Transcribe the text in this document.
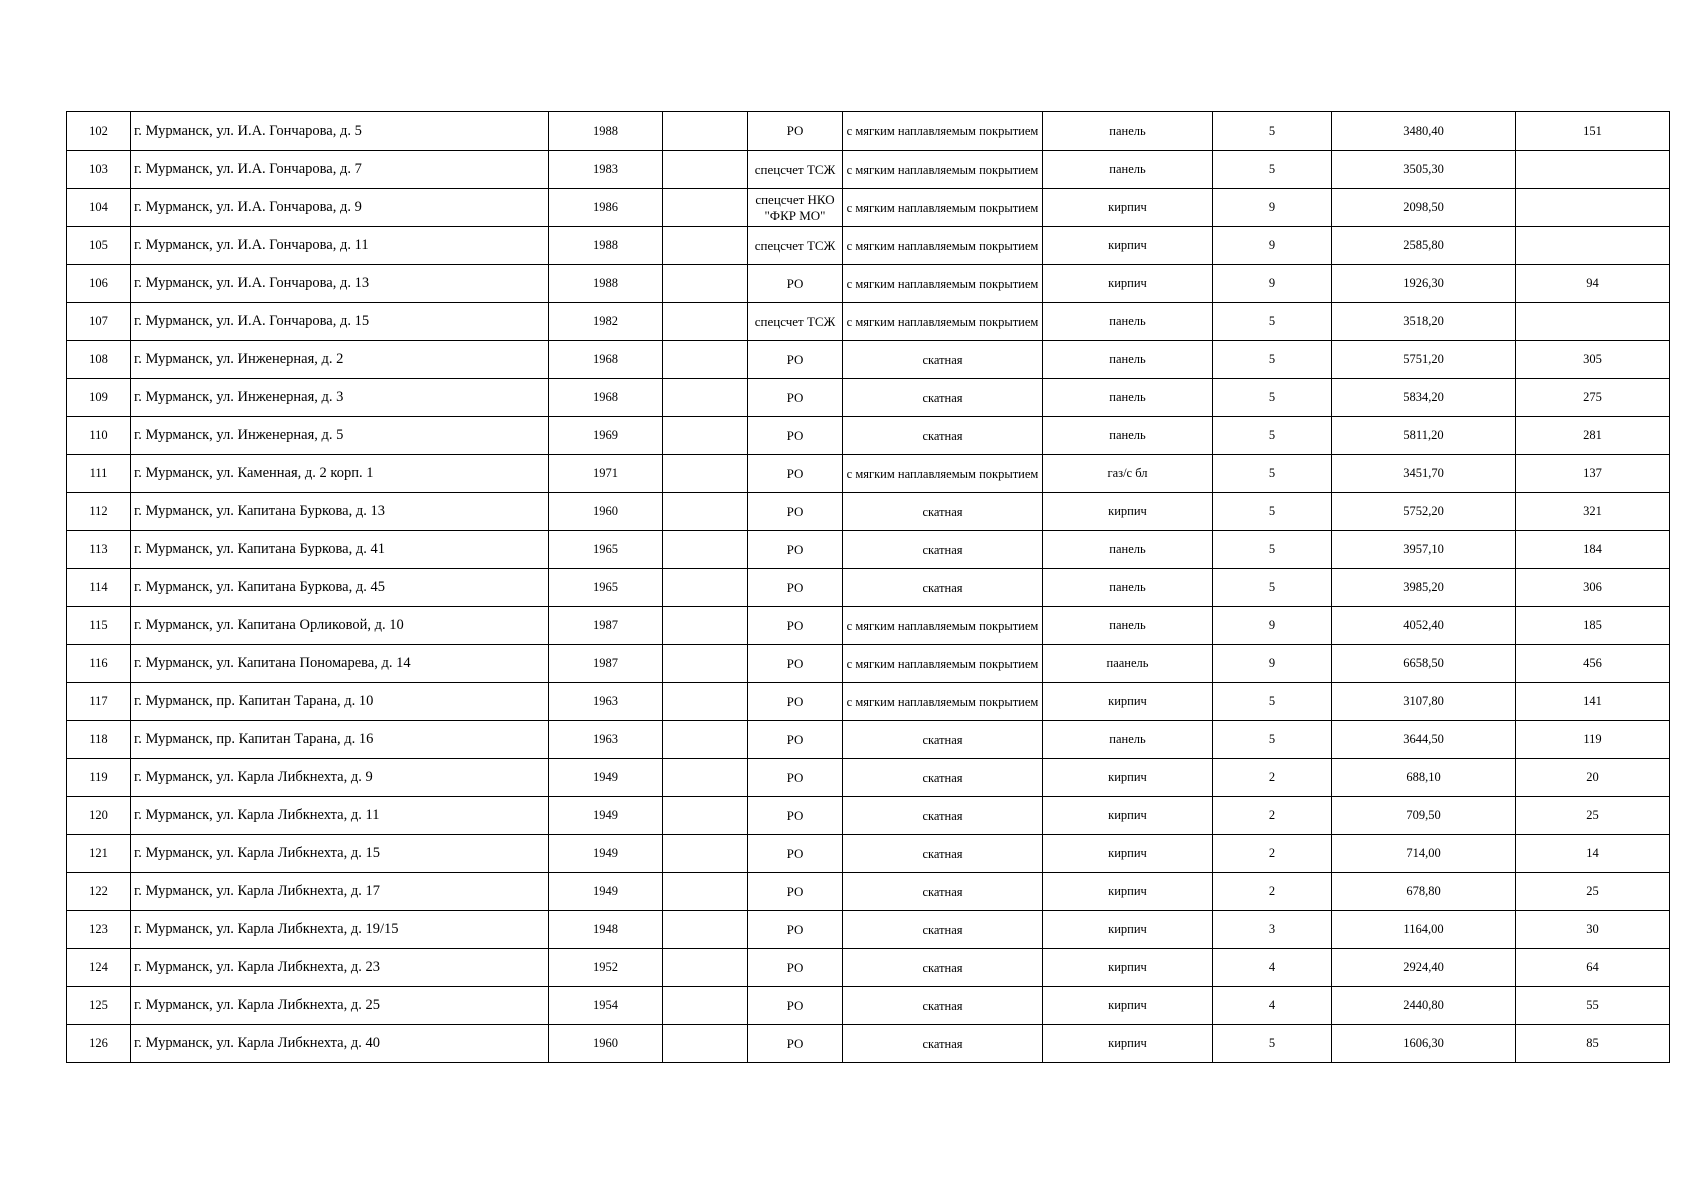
102	г. Мурманск, ул. И.А. Гончарова, д. 5	1988		РО	с мягким наплавляемым покрытием	панель	5	3480,40	151
103	г. Мурманск, ул. И.А. Гончарова, д. 7	1983		спецсчет ТСЖ	с мягким наплавляемым покрытием	панель	5	3505,30	
104	г. Мурманск, ул. И.А. Гончарова, д. 9	1986		спецсчет НКО "ФКР МО"	с мягким наплавляемым покрытием	кирпич	9	2098,50	
105	г. Мурманск, ул. И.А. Гончарова, д. 11	1988		спецсчет ТСЖ	с мягким наплавляемым покрытием	кирпич	9	2585,80	
106	г. Мурманск, ул. И.А. Гончарова, д. 13	1988		РО	с мягким наплавляемым покрытием	кирпич	9	1926,30	94
107	г. Мурманск, ул. И.А. Гончарова, д. 15	1982		спецсчет ТСЖ	с мягким наплавляемым покрытием	панель	5	3518,20	
108	г. Мурманск, ул. Инженерная, д. 2	1968		РО	скатная	панель	5	5751,20	305
109	г. Мурманск, ул. Инженерная, д. 3	1968		РО	скатная	панель	5	5834,20	275
110	г. Мурманск, ул. Инженерная, д. 5	1969		РО	скатная	панель	5	5811,20	281
111	г. Мурманск, ул. Каменная, д. 2 корп. 1	1971		РО	с мягким наплавляемым покрытием	газ/с бл	5	3451,70	137
112	г. Мурманск, ул. Капитана Буркова, д. 13	1960		РО	скатная	кирпич	5	5752,20	321
113	г. Мурманск, ул. Капитана Буркова, д. 41	1965		РО	скатная	панель	5	3957,10	184
114	г. Мурманск, ул. Капитана Буркова, д. 45	1965		РО	скатная	панель	5	3985,20	306
115	г. Мурманск, ул. Капитана Орликовой, д. 10	1987		РО	с мягким наплавляемым покрытием	панель	9	4052,40	185
116	г. Мурманск, ул. Капитана Пономарева, д. 14	1987		РО	с мягким наплавляемым покрытием	паанель	9	6658,50	456
117	г. Мурманск, пр. Капитан Тарана, д. 10	1963		РО	с мягким наплавляемым покрытием	кирпич	5	3107,80	141
118	г. Мурманск, пр. Капитан Тарана, д. 16	1963		РО	скатная	панель	5	3644,50	119
119	г. Мурманск, ул. Карла Либкнехта, д. 9	1949		РО	скатная	кирпич	2	688,10	20
120	г. Мурманск, ул. Карла Либкнехта, д. 11	1949		РО	скатная	кирпич	2	709,50	25
121	г. Мурманск, ул. Карла Либкнехта, д. 15	1949		РО	скатная	кирпич	2	714,00	14
122	г. Мурманск, ул. Карла Либкнехта, д. 17	1949		РО	скатная	кирпич	2	678,80	25
123	г. Мурманск, ул. Карла Либкнехта, д. 19/15	1948		РО	скатная	кирпич	3	1164,00	30
124	г. Мурманск, ул. Карла Либкнехта, д. 23	1952		РО	скатная	кирпич	4	2924,40	64
125	г. Мурманск, ул. Карла Либкнехта, д. 25	1954		РО	скатная	кирпич	4	2440,80	55
126	г. Мурманск, ул. Карла Либкнехта, д. 40	1960		РО	скатная	кирпич	5	1606,30	85
